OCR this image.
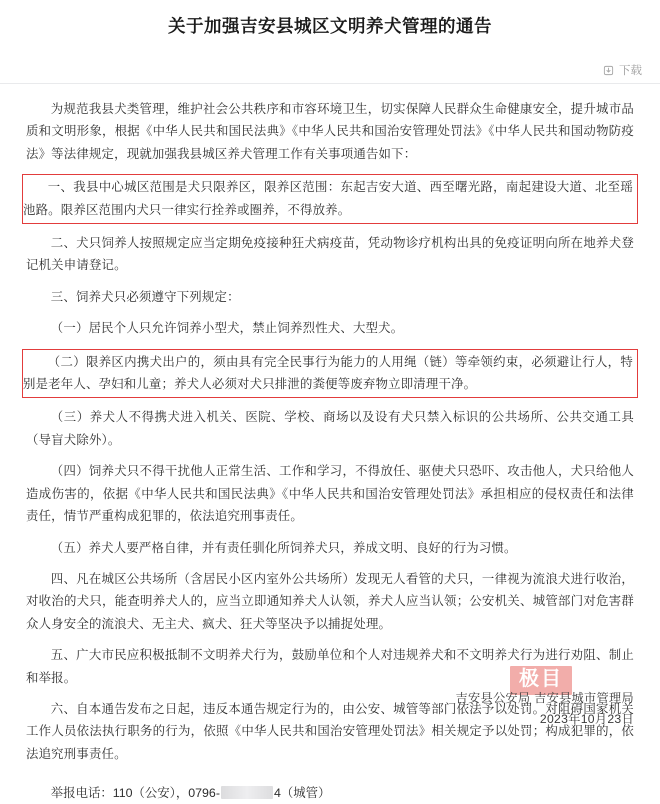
关于加强吉安县城区文明养犬管理的通告
下载

为规范我县犬类管理，维护社会公共秩序和市容环境卫生，切实保障人民群众生命健康安全，提升城市品质和文明形象，根据《中华人民共和国民法典》《中华人民共和国治安管理处罚法》《中华人民共和国动物防疫法》等法律规定，现就加强我县城区养犬管理工作有关事项通告如下：

一、我县中心城区范围是犬只限养区，限养区范围：东起吉安大道、西至曙光路，南起建设大道、北至瑶池路。限养区范围内犬只一律实行拴养或圈养，不得放养。

二、犬只饲养人按照规定应当定期免疫接种狂犬病疫苗，凭动物诊疗机构出具的免疫证明向所在地养犬登记机关申请登记。

三、饲养犬只必须遵守下列规定：

（一）居民个人只允许饲养小型犬，禁止饲养烈性犬、大型犬。

（二）限养区内携犬出户的，须由具有完全民事行为能力的人用绳（链）等牵领约束，必须避让行人，特别是老年人、孕妇和儿童；养犬人必须对犬只排泄的粪便等废弃物立即清理干净。

（三）养犬人不得携犬进入机关、医院、学校、商场以及设有犬只禁入标识的公共场所、公共交通工具（导盲犬除外）。

（四）饲养犬只不得干扰他人正常生活、工作和学习，不得放任、驱使犬只恐吓、攻击他人，犬只给他人造成伤害的，依据《中华人民共和国民法典》《中华人民共和国治安管理处罚法》承担相应的侵权责任和法律责任，情节严重构成犯罪的，依法追究刑事责任。

（五）养犬人要严格自律，并有责任驯化所饲养犬只，养成文明、良好的行为习惯。

四、凡在城区公共场所（含居民小区内室外公共场所）发现无人看管的犬只，一律视为流浪犬进行收治，对收治的犬只，能查明养犬人的，应当立即通知养犬人认领，养犬人应当认领；公安机关、城管部门对危害群众人身安全的流浪犬、无主犬、疯犬、狂犬等坚决予以捕捉处理。

五、广大市民应积极抵制不文明养犬行为，鼓励单位和个人对违规养犬和不文明养犬行为进行劝阻、制止和举报。

六、自本通告发布之日起，违反本通告规定行为的，由公安、城管等部门依法予以处罚。对阻碍国家机关工作人员依法执行职务的行为，依照《中华人民共和国治安管理处罚法》相关规定予以处罚；构成犯罪的，依法追究刑事责任。

举报电话：110（公安），0796-	4（城管）
极目
吉安县公安局 吉安县城市管理局
2023年10月23日
